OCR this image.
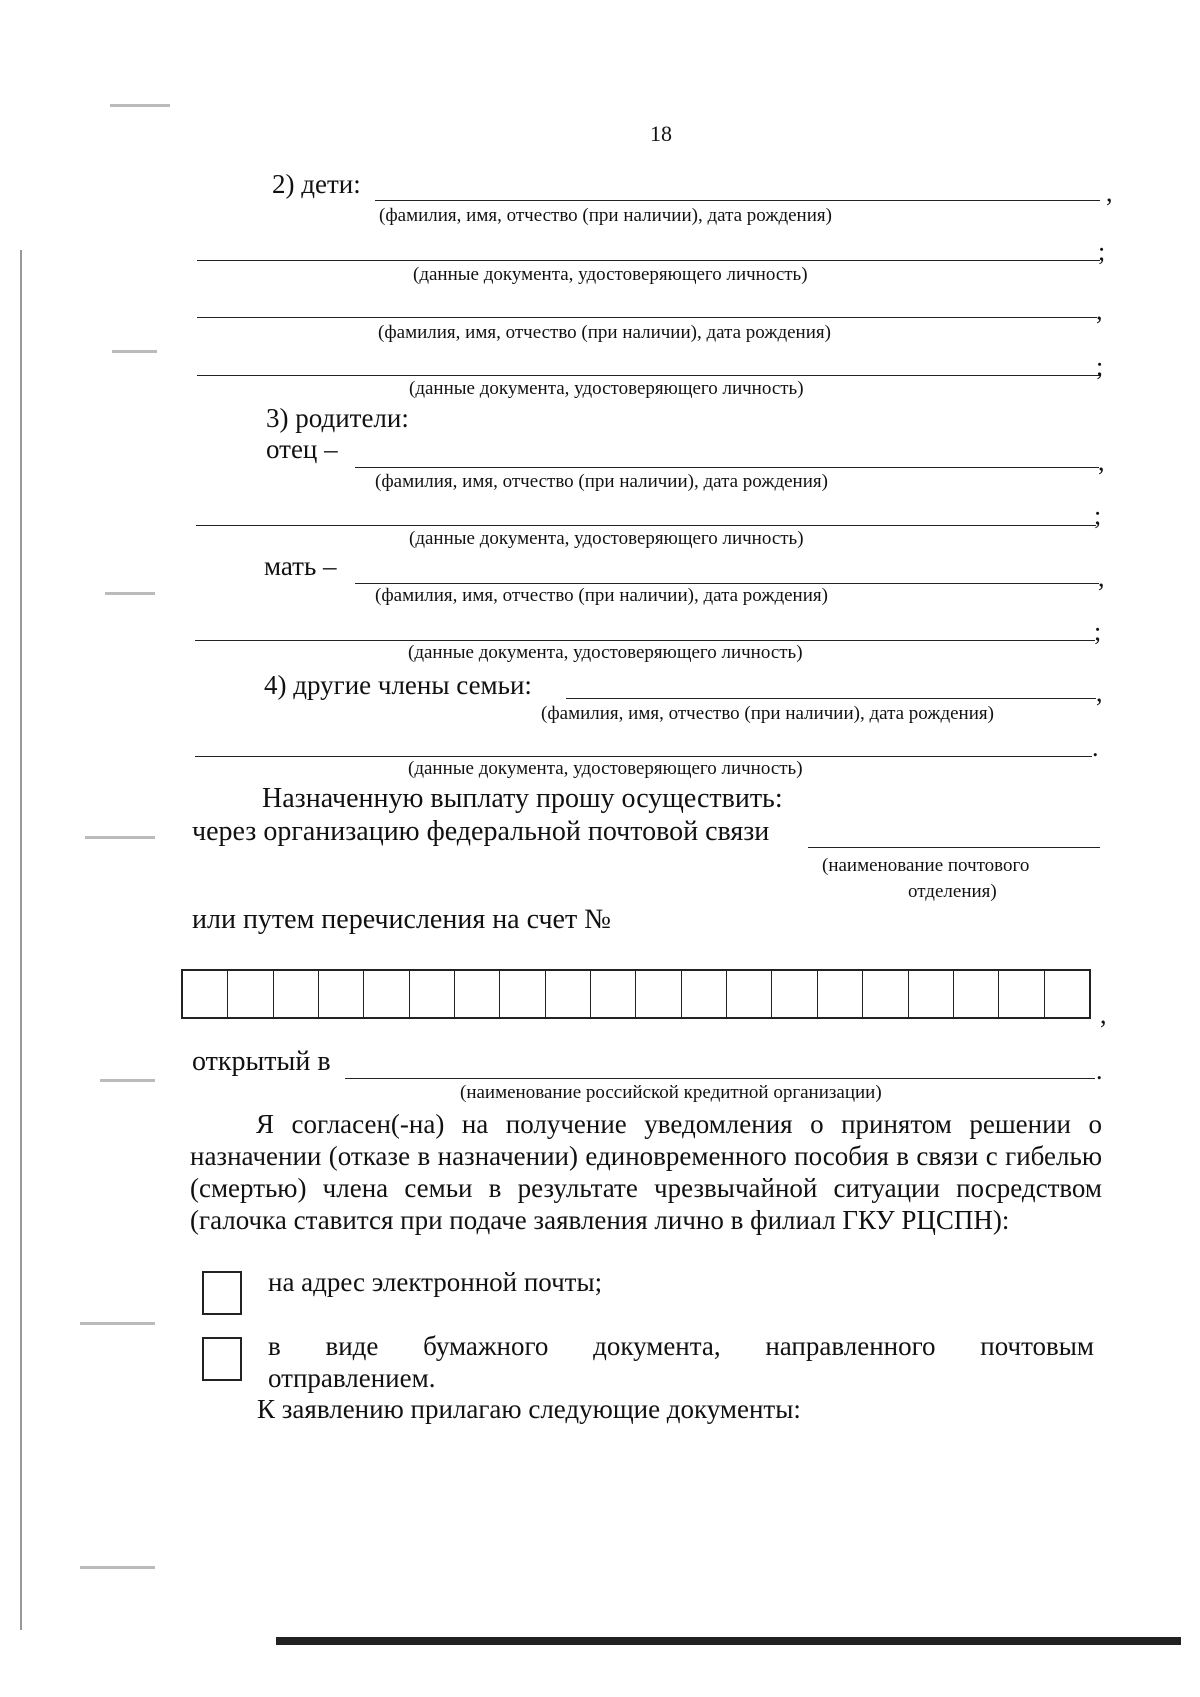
18
2) дети:	,
(фамилия, имя, отчество (при наличии), дата рождения)
;
(данные документа, удостоверяющего личность)
,
(фамилия, имя, отчество (при наличии), дата рождения)
;
(данные документа, удостоверяющего личность)
3) родители:
отец –	,
(фамилия, имя, отчество (при наличии), дата рождения)
;
(данные документа, удостоверяющего личность)
мать –	,
(фамилия, имя, отчество (при наличии), дата рождения)
;
(данные документа, удостоверяющего личность)
4) другие члены семьи:	,
(фамилия, имя, отчество (при наличии), дата рождения)
.
(данные документа, удостоверяющего личность)
Назначенную выплату прошу осуществить:
через организацию федеральной почтовой связи
(наименование почтового
отделения)
или путем перечисления на счет №
,
открытый в	.
(наименование российской кредитной организации)
Я согласен(-на) на получение уведомления о принятом решении о назначении (отказе в назначении) единовременного пособия в связи с гибелью (смертью) члена семьи в результате чрезвычайной ситуации посредством (галочка ставится при подаче заявления лично в филиал ГКУ РЦСПН):
на адрес электронной почты;
в виде бумажного документа, направленного почтовым отправлением.
К заявлению прилагаю следующие документы:
